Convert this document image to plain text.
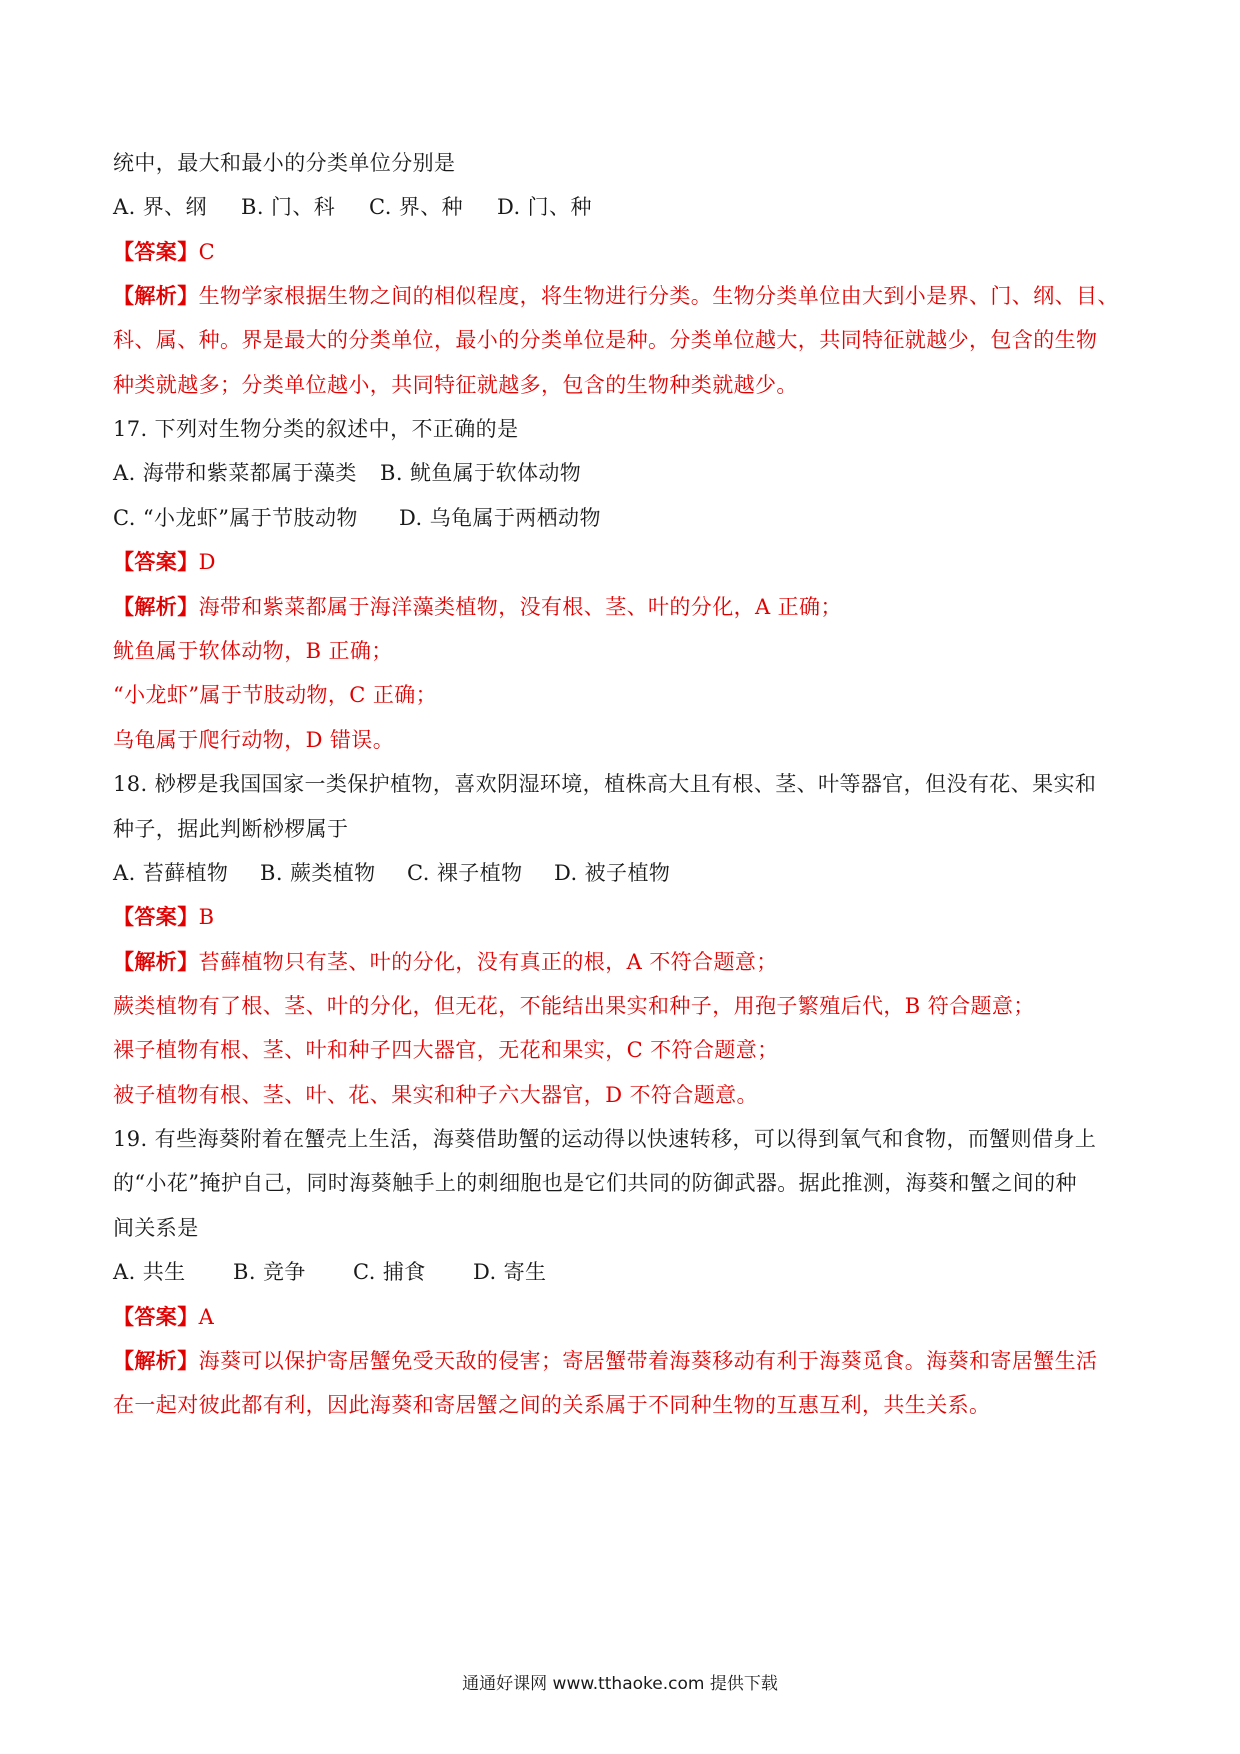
统中，最大和最小的分类单位分别是
A. 界、纲 B. 门、科 C. 界、种 D. 门、种
【答案】C
【解析】生物学家根据生物之间的相似程度，将生物进行分类。生物分类单位由大到小是界、门、纲、目、
科、属、种。界是最大的分类单位，最小的分类单位是种。分类单位越大，共同特征就越少，包含的生物
种类就越多；分类单位越小，共同特征就越多，包含的生物种类就越少。
17. 下列对生物分类的叙述中，不正确的是
A. 海带和紫菜都属于藻类 B. 鱿鱼属于软体动物
C. “小龙虾”属于节肢动物 D. 乌龟属于两栖动物
【答案】D
【解析】海带和紫菜都属于海洋藻类植物，没有根、茎、叶的分化，A 正确；
鱿鱼属于软体动物，B 正确；
“小龙虾”属于节肢动物，C 正确；
乌龟属于爬行动物，D 错误。
18. 桫椤是我国国家一类保护植物，喜欢阴湿环境，植株高大且有根、茎、叶等器官，但没有花、果实和
种子，据此判断桫椤属于
A. 苔藓植物 B. 蕨类植物 C. 裸子植物 D. 被子植物
【答案】B
【解析】苔藓植物只有茎、叶的分化，没有真正的根，A 不符合题意；
蕨类植物有了根、茎、叶的分化，但无花，不能结出果实和种子，用孢子繁殖后代，B 符合题意；
裸子植物有根、茎、叶和种子四大器官，无花和果实，C 不符合题意；
被子植物有根、茎、叶、花、果实和种子六大器官，D 不符合题意。
19. 有些海葵附着在蟹壳上生活，海葵借助蟹的运动得以快速转移，可以得到氧气和食物，而蟹则借身上
的“小花”掩护自己，同时海葵触手上的刺细胞也是它们共同的防御武器。据此推测，海葵和蟹之间的种
间关系是
A. 共生 B. 竞争 C. 捕食 D. 寄生
【答案】A
【解析】海葵可以保护寄居蟹免受天敌的侵害；寄居蟹带着海葵移动有利于海葵觅食。海葵和寄居蟹生活
在一起对彼此都有利，因此海葵和寄居蟹之间的关系属于不同种生物的互惠互利，共生关系。
通通好课网 www.tthaoke.com 提供下载
